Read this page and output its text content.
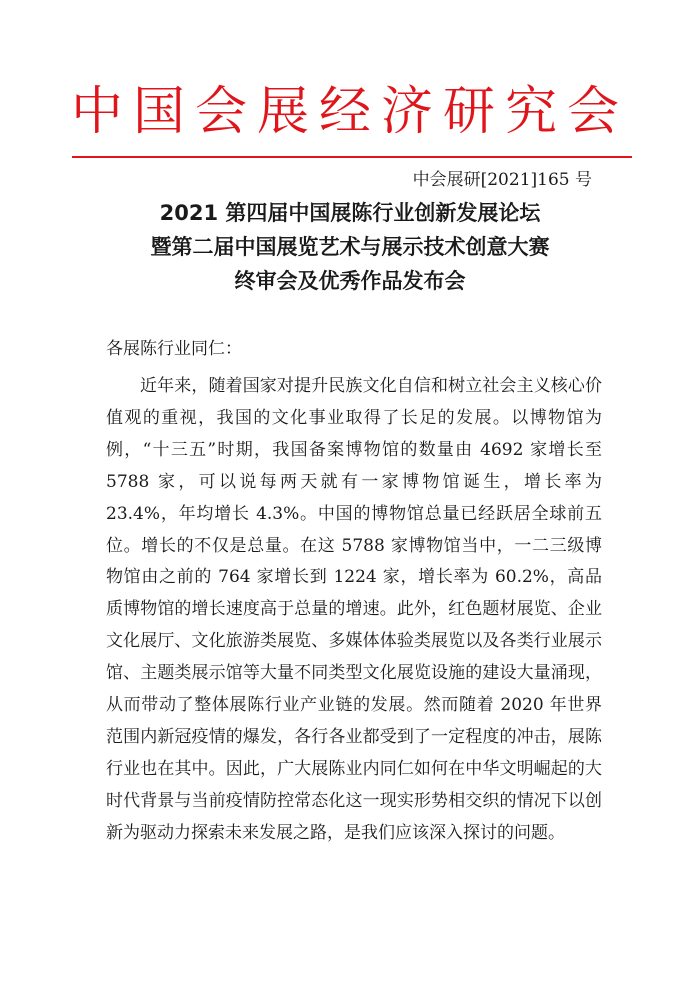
中国会展经济研究会
中会展研[2021]165 号
2021 第四届中国展陈行业创新发展论坛
暨第二届中国展览艺术与展示技术创意大赛
终审会及优秀作品发布会
各展陈行业同仁：

近年来，随着国家对提升民族文化自信和树立社会主义核心价值观的重视，我国的文化事业取得了长足的发展。以博物馆为例，“十三五”时期，我国备案博物馆的数量由 4692 家增长至 5788 家，可以说每两天就有一家博物馆诞生，增长率为 23.4%，年均增长 4.3%。中国的博物馆总量已经跃居全球前五位。增长的不仅是总量。在这 5788 家博物馆当中，一二三级博物馆由之前的 764 家增长到 1224 家，增长率为 60.2%，高品质博物馆的增长速度高于总量的增速。此外，红色题材展览、企业文化展厅、文化旅游类展览、多媒体体验类展览以及各类行业展示馆、主题类展示馆等大量不同类型文化展览设施的建设大量涌现，从而带动了整体展陈行业产业链的发展。然而随着 2020 年世界范围内新冠疫情的爆发，各行各业都受到了一定程度的冲击，展陈行业也在其中。因此，广大展陈业内同仁如何在中华文明崛起的大时代背景与当前疫情防控常态化这一现实形势相交织的情况下以创新为驱动力探索未来发展之路，是我们应该深入探讨的问题。
